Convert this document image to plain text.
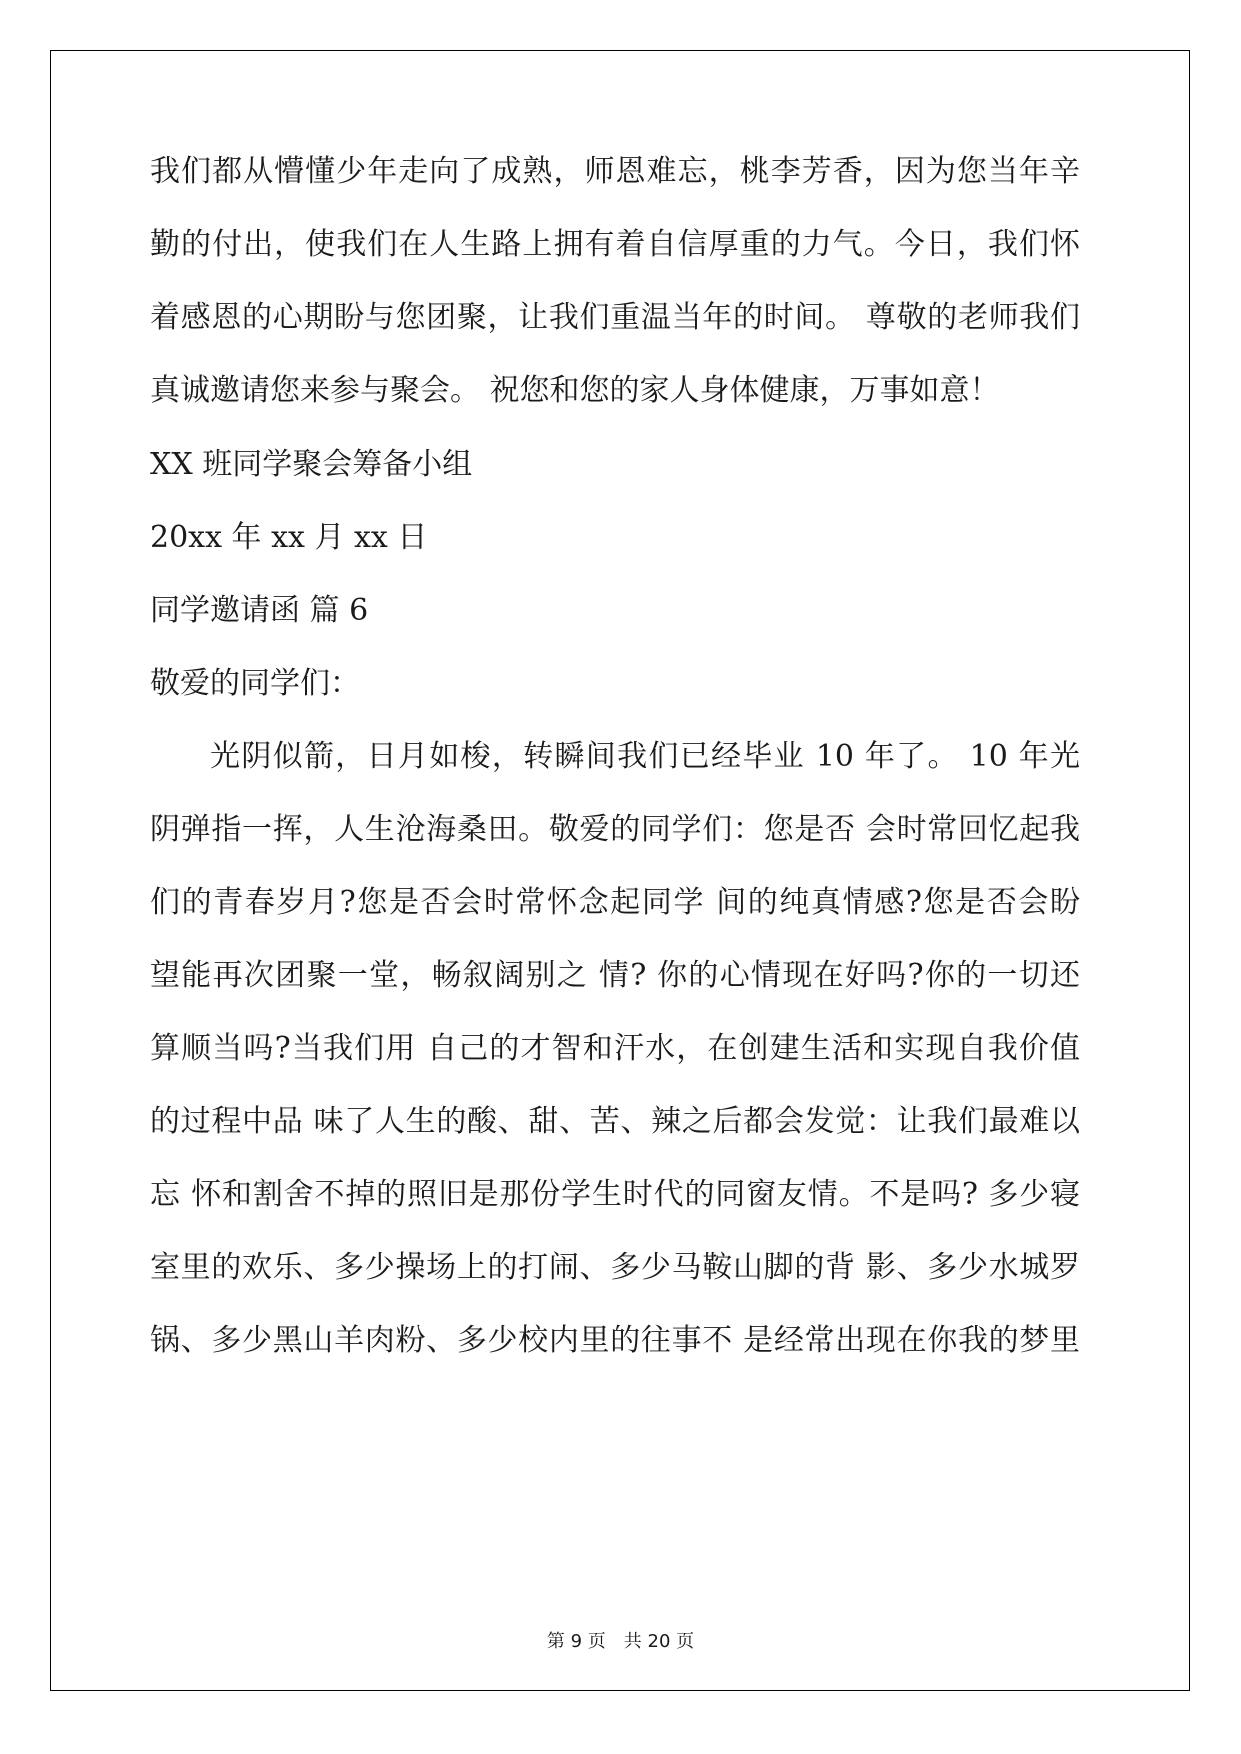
我们都从懵懂少年走向了成熟，师恩难忘，桃李芳香，因为您当年辛
勤的付出，使我们在人生路上拥有着自信厚重的力气。今日，我们怀
着感恩的心期盼与您团聚，让我们重温当年的时间。 尊敬的老师我们
真诚邀请您来参与聚会。 祝您和您的家人身体健康，万事如意！
XX 班同学聚会筹备小组
20xx 年 xx 月 xx 日
同学邀请函 篇 6
敬爱的同学们：
光阴似箭，日月如梭，转瞬间我们已经毕业 10 年了。 10 年光
阴弹指一挥，人生沧海桑田。敬爱的同学们：您是否 会时常回忆起我
们的青春岁月?您是否会时常怀念起同学 间的纯真情感?您是否会盼
望能再次团聚一堂，畅叙阔别之 情? 你的心情现在好吗?你的一切还
算顺当吗?当我们用 自己的才智和汗水，在创建生活和实现自我价值
的过程中品 味了人生的酸、甜、苦、辣之后都会发觉：让我们最难以
忘 怀和割舍不掉的照旧是那份学生时代的同窗友情。不是吗? 多少寝
室里的欢乐、多少操场上的打闹、多少马鞍山脚的背 影、多少水城罗
锅、多少黑山羊肉粉、多少校内里的往事不 是经常出现在你我的梦里
第 9 页　共 20 页
